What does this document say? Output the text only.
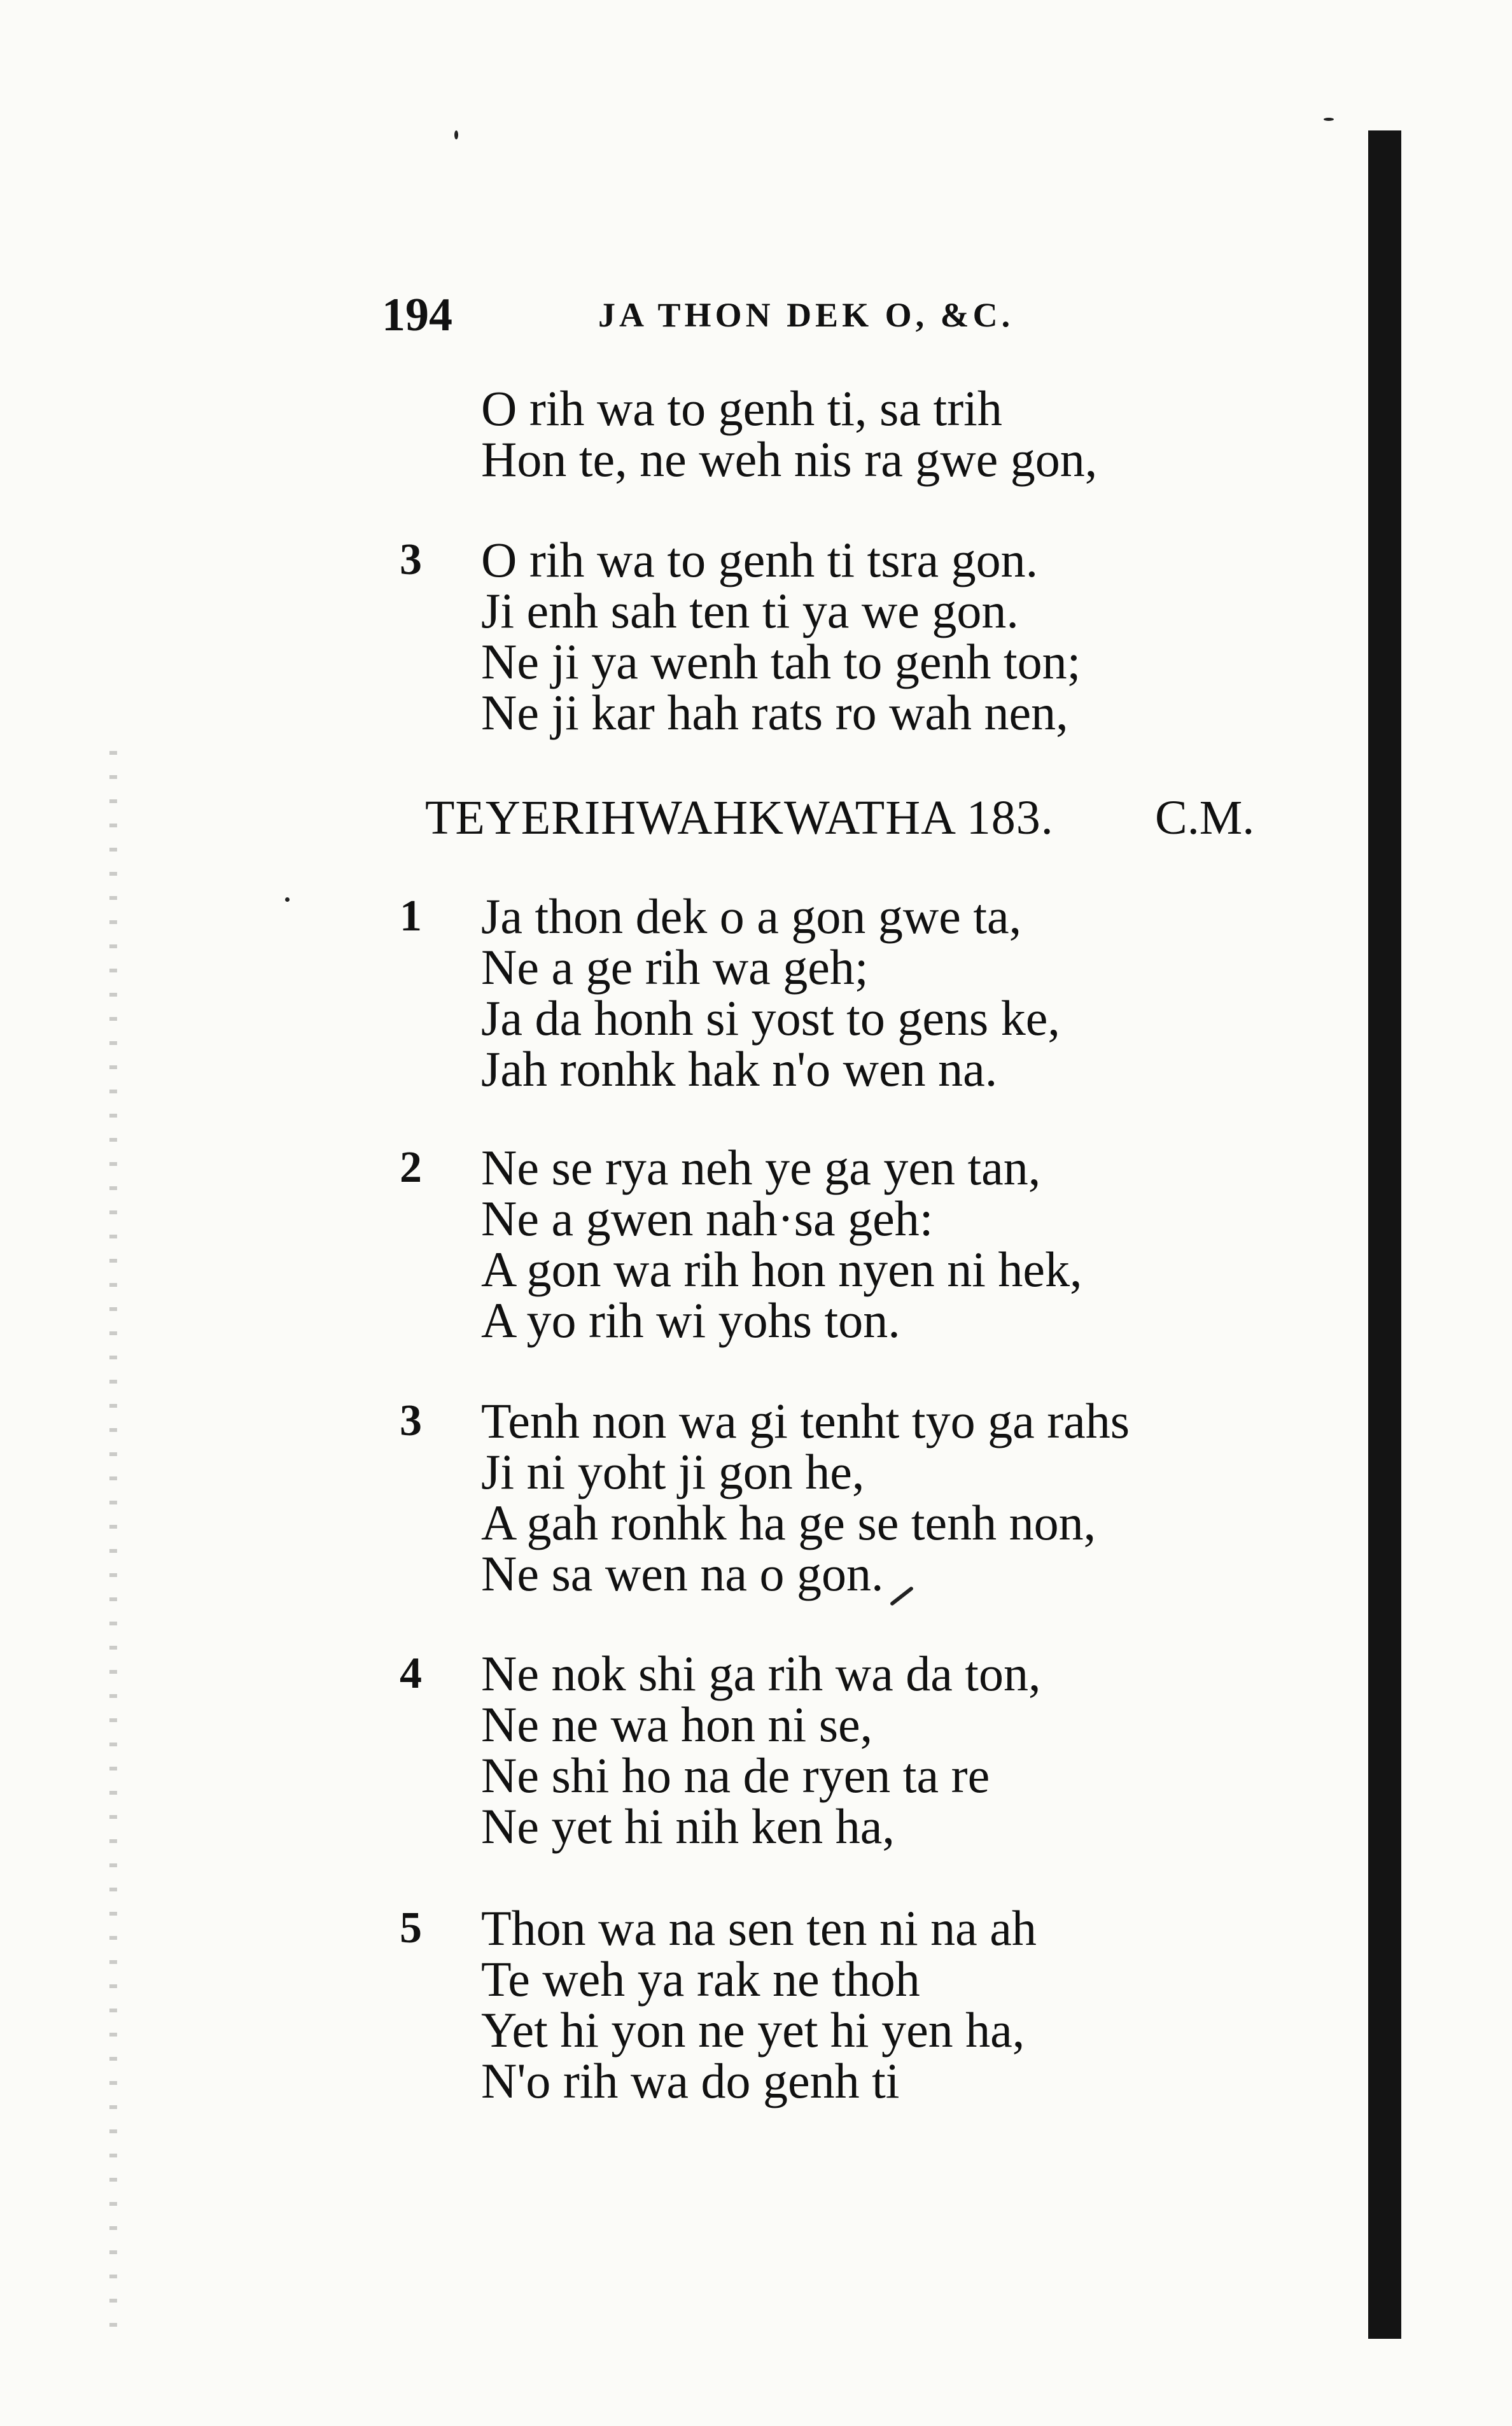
194	JA THON DEK O, &C.
O rih wa to genh ti, sa trih
Hon te, ne weh nis ra gwe gon,
3 O rih wa to genh ti tsra gon.
Ji enh sah ten ti ya we gon.
Ne ji ya wenh tah to genh ton;
Ne ji kar hah rats ro wah nen,
TEYERIHWAHKWATHA 183. C.M.
1 Ja thon dek o a gon gwe ta,
Ne a ge rih wa geh;
Ja da honh si yost to gens ke,
Jah ronhk hak n'o wen na.
2 Ne se rya neh ye ga yen tan,
Ne a gwen nah·sa geh:
A gon wa rih hon nyen ni hek,
A yo rih wi yohs ton.
3 Tenh non wa gi tenht tyo ga rahs
Ji ni yoht ji gon he,
A gah ronhk ha ge se tenh non,
Ne sa wen na o gon.
4 Ne nok shi ga rih wa da ton,
Ne ne wa hon ni se,
Ne shi ho na de ryen ta re
Ne yet hi nih ken ha,
5 Thon wa na sen ten ni na ah
Te weh ya rak ne thoh
Yet hi yon ne yet hi yen ha,
N'o rih wa do genh ti
